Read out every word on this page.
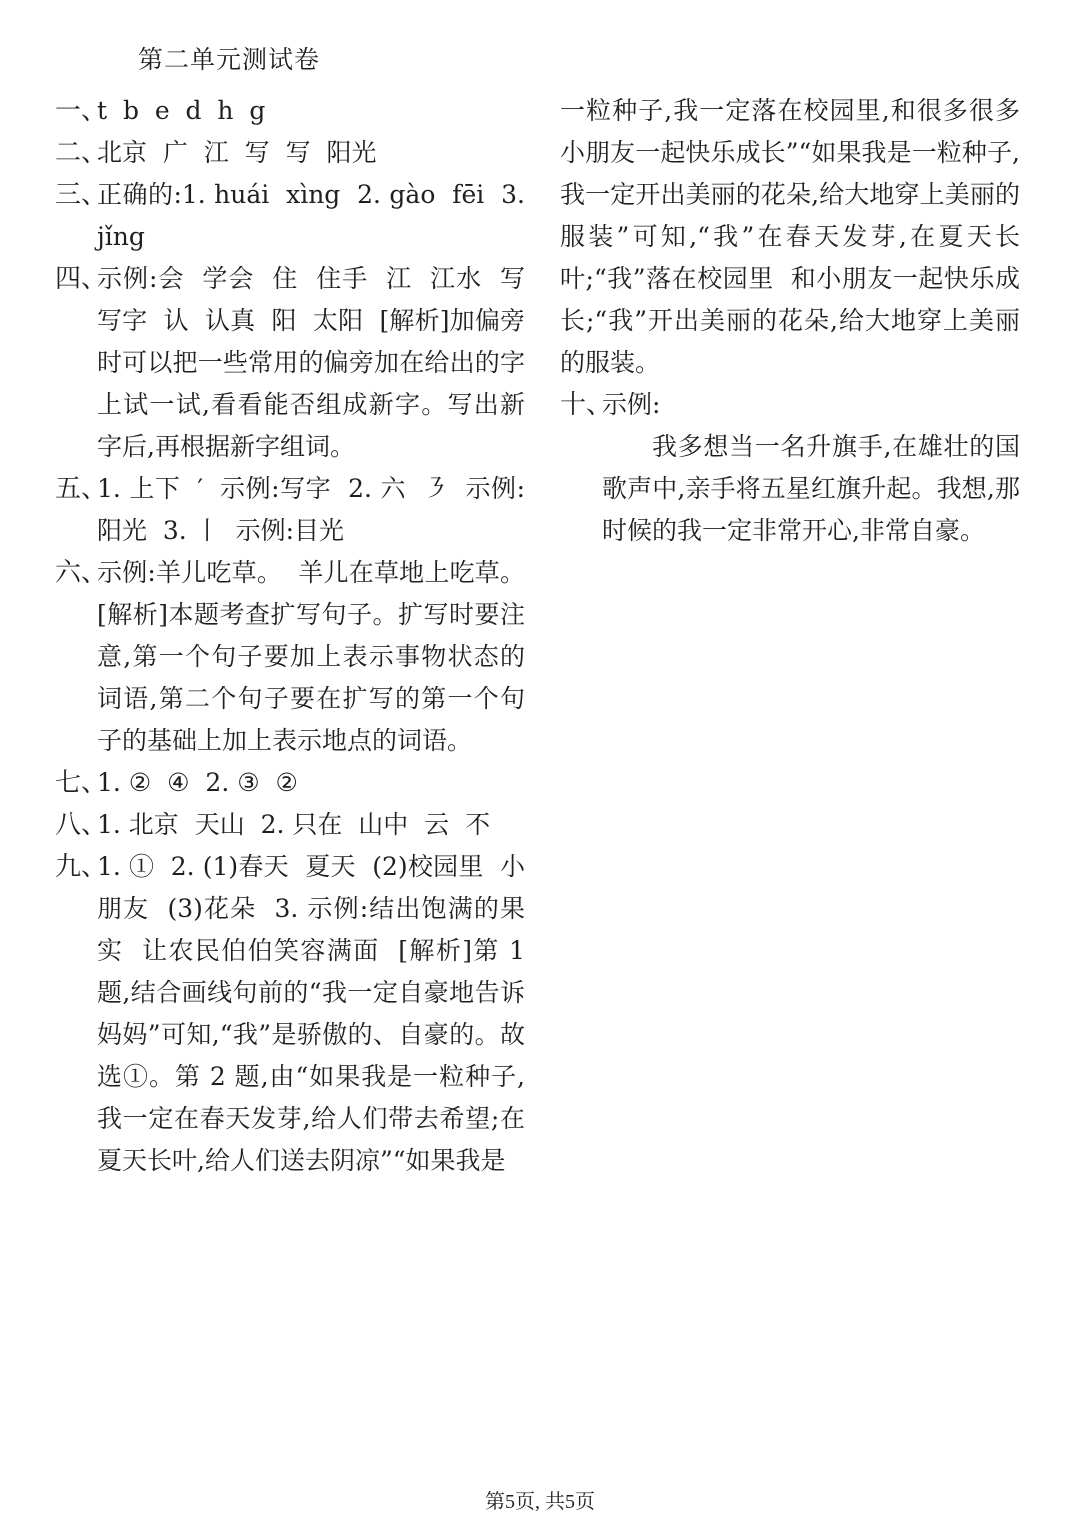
第二单元测试卷

一、
t  b  e  d  h  g

二、
北京  广  江  写  写  阳光

三、
正确的:1. huái  xìng  2. gào  fēi  3. jǐng

四、
示例:会  学会  住  住手  江  江水  写  写字  认  认真  阳  太阳  [解析]加偏旁时可以把一些常用的偏旁加在给出的字上试一试,看看能否组成新字。写出新字后,再根据新字组词。

五、
1. 上下  ′  示例:写字  2. 六  ㇋  示例:阳光  3. 丨  示例:目光

六、
示例:羊儿吃草。  羊儿在草地上吃草。  [解析]本题考查扩写句子。扩写时要注意,第一个句子要加上表示事物状态的词语,第二个句子要在扩写的第一个句子的基础上加上表示地点的词语。

七、
1. ②  ④  2. ③  ②

八、
1. 北京  天山  2. 只在  山中  云  不

九、
1. ①  2. (1)春天  夏天  (2)校园里  小朋友  (3)花朵  3. 示例:结出饱满的果实  让农民伯伯笑容满面  [解析]第 1 题,结合画线句前的“我一定自豪地告诉妈妈”可知,“我”是骄傲的、自豪的。故选①。第 2 题,由“如果我是一粒种子,我一定在春天发芽,给人们带去希望;在夏天长叶,给人们送去阴凉”“如果我是

一粒种子,我一定落在校园里,和很多很多小朋友一起快乐成长”“如果我是一粒种子,我一定开出美丽的花朵,给大地穿上美丽的服装”可知,“我”在春天发芽,在夏天长叶;“我”落在校园里  和小朋友一起快乐成长;“我”开出美丽的花朵,给大地穿上美丽的服装。

十、
示例:

我多想当一名升旗手,在雄壮的国歌声中,亲手将五星红旗升起。我想,那时候的我一定非常开心,非常自豪。

第5页, 共5页
